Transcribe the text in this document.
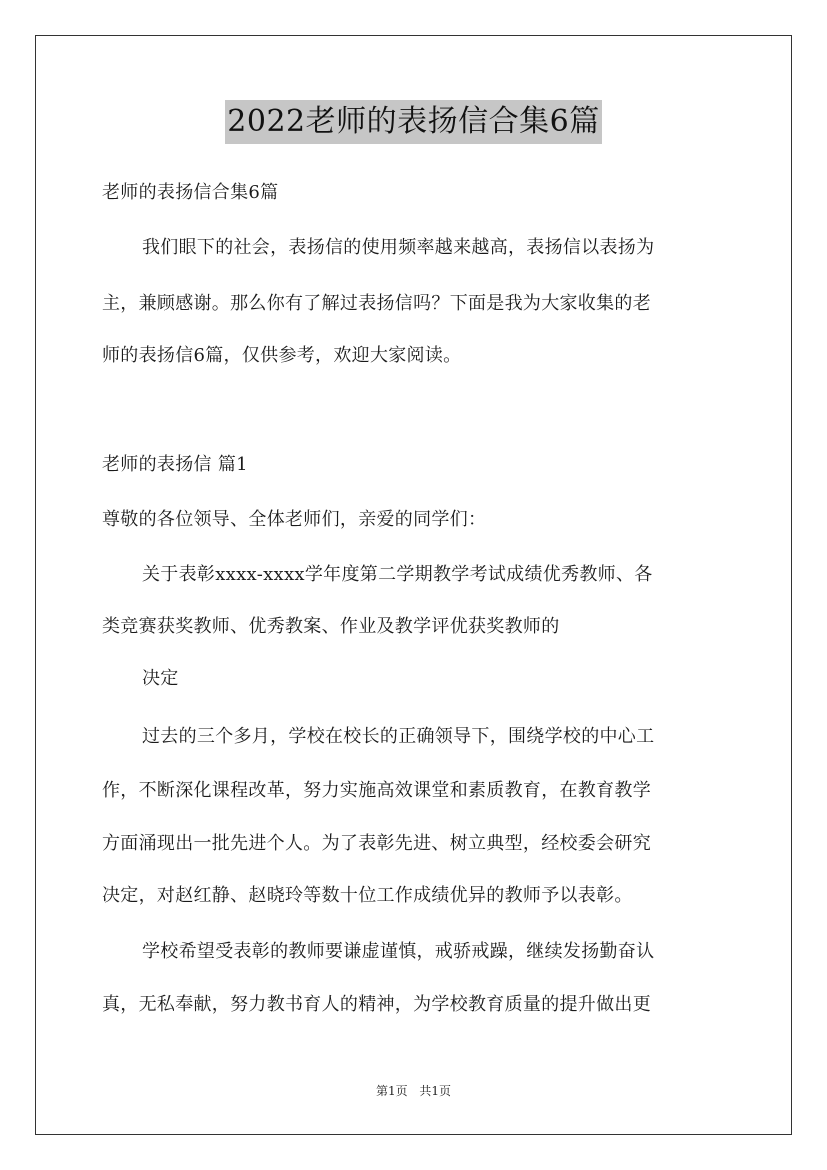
2022老师的表扬信合集6篇
老师的表扬信合集6篇
我们眼下的社会，表扬信的使用频率越来越高，表扬信以表扬为
主，兼顾感谢。那么你有了解过表扬信吗？下面是我为大家收集的老
师的表扬信6篇，仅供参考，欢迎大家阅读。
老师的表扬信 篇1
尊敬的各位领导、全体老师们，亲爱的同学们：
关于表彰xxxx-xxxx学年度第二学期教学考试成绩优秀教师、各
类竞赛获奖教师、优秀教案、作业及教学评优获奖教师的
决定
过去的三个多月，学校在校长的正确领导下，围绕学校的中心工
作，不断深化课程改革，努力实施高效课堂和素质教育，在教育教学
方面涌现出一批先进个人。为了表彰先进、树立典型，经校委会研究
决定，对赵红静、赵晓玲等数十位工作成绩优异的教师予以表彰。
学校希望受表彰的教师要谦虚谨慎，戒骄戒躁，继续发扬勤奋认
真，无私奉献，努力教书育人的精神，为学校教育质量的提升做出更
第1页 共1页
